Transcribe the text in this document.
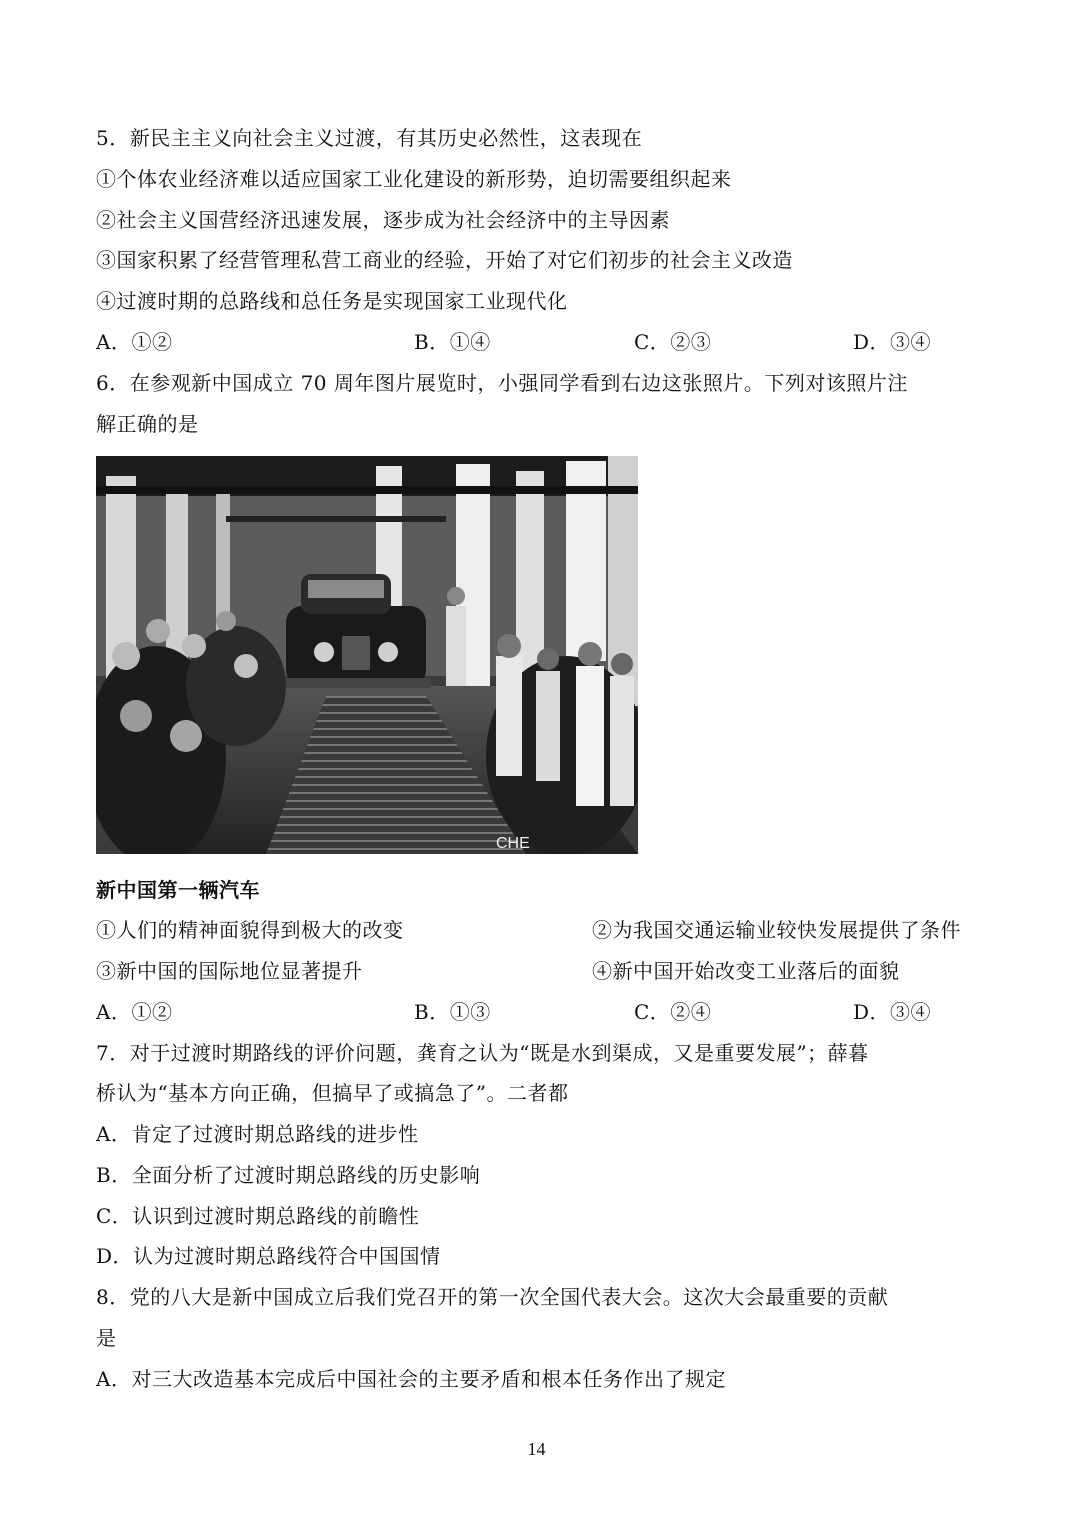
5．新民主主义向社会主义过渡，有其历史必然性，这表现在
①个体农业经济难以适应国家工业化建设的新形势，迫切需要组织起来
②社会主义国营经济迅速发展，逐步成为社会经济中的主导因素
③国家积累了经营管理私营工商业的经验，开始了对它们初步的社会主义改造
④过渡时期的总路线和总任务是实现国家工业现代化
A．①②	B．①④	C．②③	D．③④
6．在参观新中国成立 70 周年图片展览时，小强同学看到右边这张照片。下列对该照片注
解正确的是
CHE
新中国第一辆汽车
①人们的精神面貌得到极大的改变	②为我国交通运输业较快发展提供了条件
③新中国的国际地位显著提升	④新中国开始改变工业落后的面貌
A．①②	B．①③	C．②④	D．③④
7．对于过渡时期路线的评价问题，龚育之认为“既是水到渠成，又是重要发展”；薛暮
桥认为“基本方向正确，但搞早了或搞急了”。二者都
A．肯定了过渡时期总路线的进步性
B．全面分析了过渡时期总路线的历史影响
C．认识到过渡时期总路线的前瞻性
D．认为过渡时期总路线符合中国国情
8．党的八大是新中国成立后我们党召开的第一次全国代表大会。这次大会最重要的贡献
是
A．对三大改造基本完成后中国社会的主要矛盾和根本任务作出了规定
14
